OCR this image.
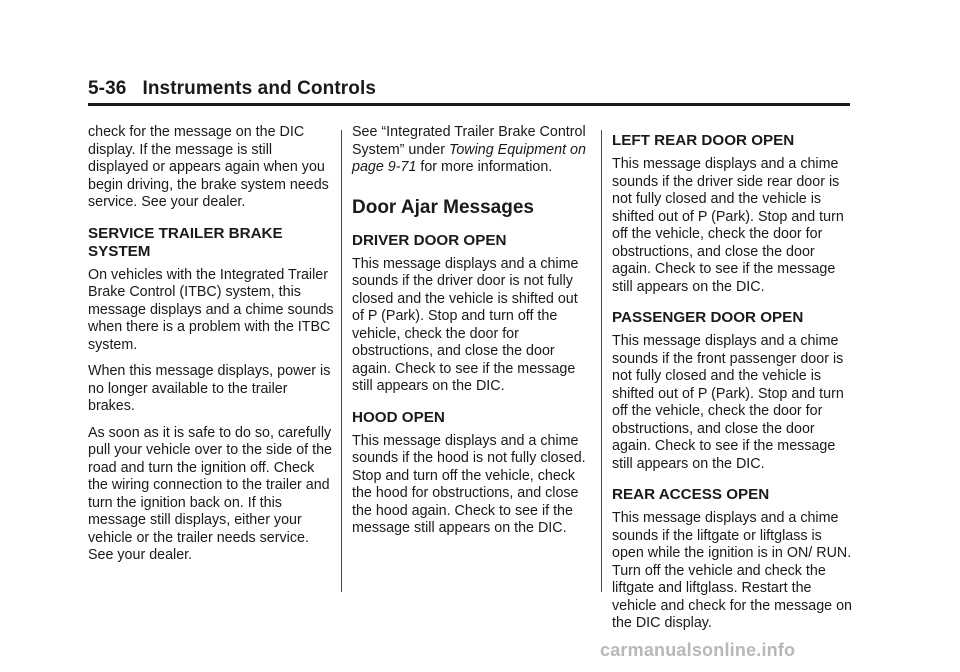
5-36 Instruments and Controls

check for the message on the DIC display. If the message is still displayed or appears again when you begin driving, the brake system needs service. See your dealer.

SERVICE TRAILER BRAKE SYSTEM

On vehicles with the Integrated Trailer Brake Control (ITBC) system, this message displays and a chime sounds when there is a problem with the ITBC system.

When this message displays, power is no longer available to the trailer brakes.

As soon as it is safe to do so, carefully pull your vehicle over to the side of the road and turn the ignition off. Check the wiring connection to the trailer and turn the ignition back on. If this message still displays, either your vehicle or the trailer needs service. See your dealer.

See “Integrated Trailer Brake Control System” under Towing Equipment on page 9-71 for more information.

Door Ajar Messages
DRIVER DOOR OPEN

This message displays and a chime sounds if the driver door is not fully closed and the vehicle is shifted out of P (Park). Stop and turn off the vehicle, check the door for obstructions, and close the door again. Check to see if the message still appears on the DIC.

HOOD OPEN

This message displays and a chime sounds if the hood is not fully closed. Stop and turn off the vehicle, check the hood for obstructions, and close the hood again. Check to see if the message still appears on the DIC.

LEFT REAR DOOR OPEN

This message displays and a chime sounds if the driver side rear door is not fully closed and the vehicle is shifted out of P (Park). Stop and turn off the vehicle, check the door for obstructions, and close the door again. Check to see if the message still appears on the DIC.

PASSENGER DOOR OPEN

This message displays and a chime sounds if the front passenger door is not fully closed and the vehicle is shifted out of P (Park). Stop and turn off the vehicle, check the door for obstructions, and close the door again. Check to see if the message still appears on the DIC.

REAR ACCESS OPEN

This message displays and a chime sounds if the liftgate or liftglass is open while the ignition is in ON/ RUN. Turn off the vehicle and check the liftgate and liftglass. Restart the vehicle and check for the message on the DIC display.

carmanualsonline.info
